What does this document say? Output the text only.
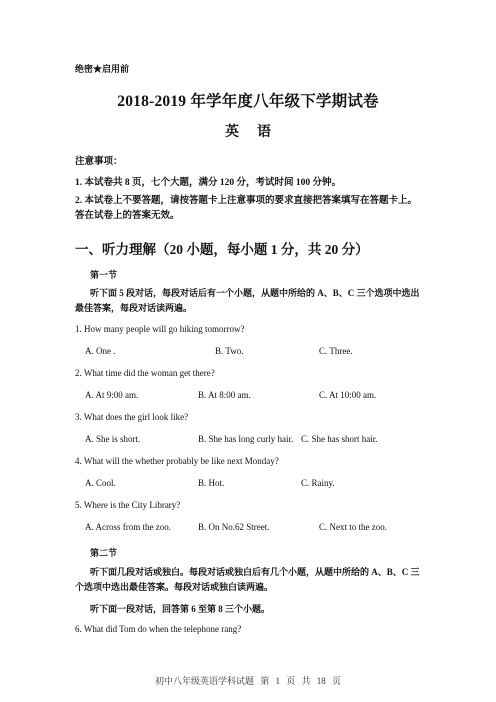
绝密★启用前
2018-2019 年学年度八年级下学期试卷
英语
注意事项：
1. 本试卷共 8 页，七个大题，满分 120 分，考试时间 100 分钟。
2. 本试卷上不要答题，请按答题卡上注意事项的要求直接把答案填写在答题卡上。答在试卷上的答案无效。
一、听力理解（20 小题，每小题 1 分，共 20 分）
第一节
听下面 5 段对话，每段对话后有一个小题，从题中所给的 A、B、C 三个选项中选出最佳答案，每段对话读两遍。
1. How many people will go hiking tomorrow?
A. One .	B. Two.	C. Three.
2. What time did the woman get there?
A. At 9:00 am.	B. At 8:00 am.	C. At 10:00 am.
3. What does the girl look like?
A. She is short.	B. She has long curly hair. C. She has short hair.
4. What will the whether probably be like next Monday?
A. Cool.	B. Hot.	C. Rainy.
5. Where is the City Library?
A. Across from the zoo.	B. On No.62 Street.	C. Next to the zoo.
第二节
听下面几段对话或独白。每段对话或独白后有几个小题，从题中所给的 A、B、C 三个选项中选出最佳答案。每段对话或独白读两遍。
听下面一段对话，回答第 6 至第 8 三个小题。
6. What did Tom do when the telephone rang?
初中八年级英语学科试题 第 1 页 共 18 页
